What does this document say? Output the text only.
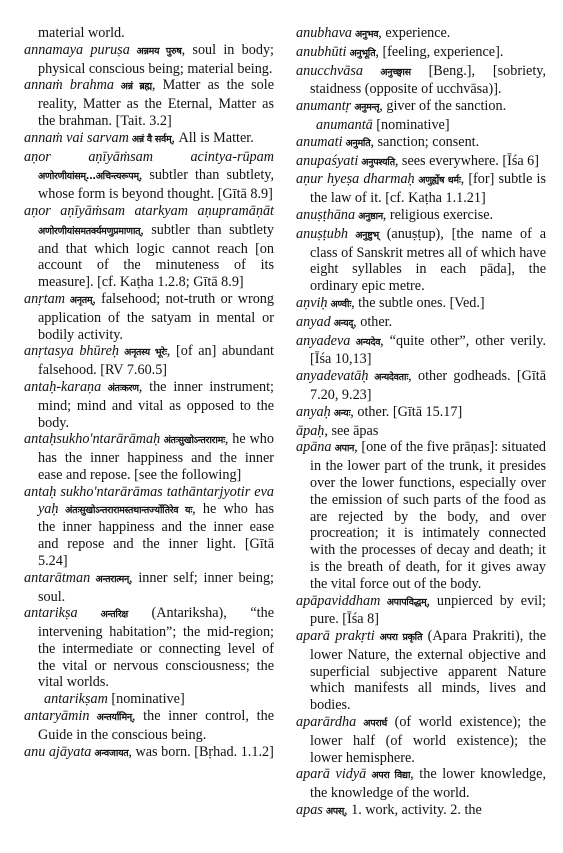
material world.

annamaya puruṣa अन्नमय पुरुष, soul in body; physical conscious being; material being.

annaṁ brahma अन्नं ब्रह्म, Matter as the sole reality, Matter as the Eternal, Matter as the brahman. [Tait. 3.2]

annaṁ vai sarvam अन्नं वै सर्वम्, All is Matter.

aṇor aṇīyāṁsam acintya-rūpam अणोरणीयांसम्...अचिन्त्यरूपम्, subtler than subtlety, whose form is beyond thought. [Gītā 8.9]

aṇor aṇīyāṁsam atarkyam aṇupramāṇāt अणोरणीयांसमतर्क्यमणुप्रमाणात्, subtler than subtlety and that which logic cannot reach [on account of the minuteness of its measure]. [cf. Kaṭha 1.2.8; Gītā 8.9]

anṛtam अनृतम्, falsehood; not-truth or wrong application of the satyam in mental or bodily activity.

anṛtasya bhūreḥ अनृतस्य भूरेः, [of an] abundant falsehood. [RV 7.60.5]

antaḥ-karaṇa अंतःकरण, the inner instrument; mind; mind and vital as opposed to the body.

antaḥsukho'ntarārāmaḥ अंतःसुखोऽन्तरारामः, he who has the inner happiness and the inner ease and repose. [see the following]

antaḥ sukho'ntarārāmas tathāntarjyotir eva yaḥ अंतःसुखोऽन्तरारामस्तथान्तर्ज्योतिरेव यः, he who has the inner happiness and the inner ease and repose and the inner light. [Gītā 5.24]

antarātman अन्तरात्मन्, inner self; inner being; soul.

antarikṣa अन्तरिक्ष (Antariksha), “the intervening habitation”; the mid-region; the intermediate or connecting level of the vital or nervous consciousness; the vital worlds.

antarikṣam [nominative]

antaryāmin अन्तर्यामिन्, the inner control, the Guide in the conscious being.

anu ajāyata अन्वजायत, was born. [Bṛhad. 1.1.2]

anubhava अनुभव, experience.

anubhūti अनुभूति, [feeling, experience].

anucchvāsa अनुच्छ्वास [Beng.], [sobriety, staidness (opposite of ucchvāsa)].

anumantṛ अनुमन्तृ, giver of the sanction.

anumantā [nominative]

anumati अनुमति, sanction; consent.

anupaśyati अनुपश्यति, sees everywhere. [Īśa 6]

aṇur hyeṣa dharmaḥ अणुर्ह्येष धर्मः, [for] subtle is the law of it. [cf. Kaṭha 1.1.21]

anuṣṭhāna अनुष्ठान, religious exercise.

anuṣṭubh अनुष्टुभ् (anuṣṭup), [the name of a class of Sanskrit metres all of which have eight syllables in each pāda], the ordinary epic metre.

aṇviḥ अण्वीः, the subtle ones. [Ved.]

anyad अन्यद्, other.

anyadeva अन्यदेव, “quite other”, other verily. [Īśa 10,13]

anyadevatāḥ अन्यदेवताः, other godheads. [Gītā 7.20, 9.23]

anyaḥ अन्यः, other. [Gītā 15.17]

āpaḥ, see āpas

apāna अपान, [one of the five prāṇas]: situated in the lower part of the trunk, it presides over the lower functions, especially over the emission of such parts of the food as are rejected by the body, and over procreation; it is intimately connected with the processes of decay and death; it is the breath of death, for it gives away the vital force out of the body.

apāpaviddham अपापविद्धम्, unpierced by evil; pure. [Īśa 8]

aparā prakṛti अपरा प्रकृति (Apara Prakriti), the lower Nature, the external objective and superficial subjective apparent Nature which manifests all minds, lives and bodies.

aparārdha अपरार्ध (of world existence); the lower half (of world existence); the lower hemisphere.

aparā vidyā अपरा विद्या, the lower knowledge, the knowledge of the world.

apas अपस्, 1. work, activity. 2. the
